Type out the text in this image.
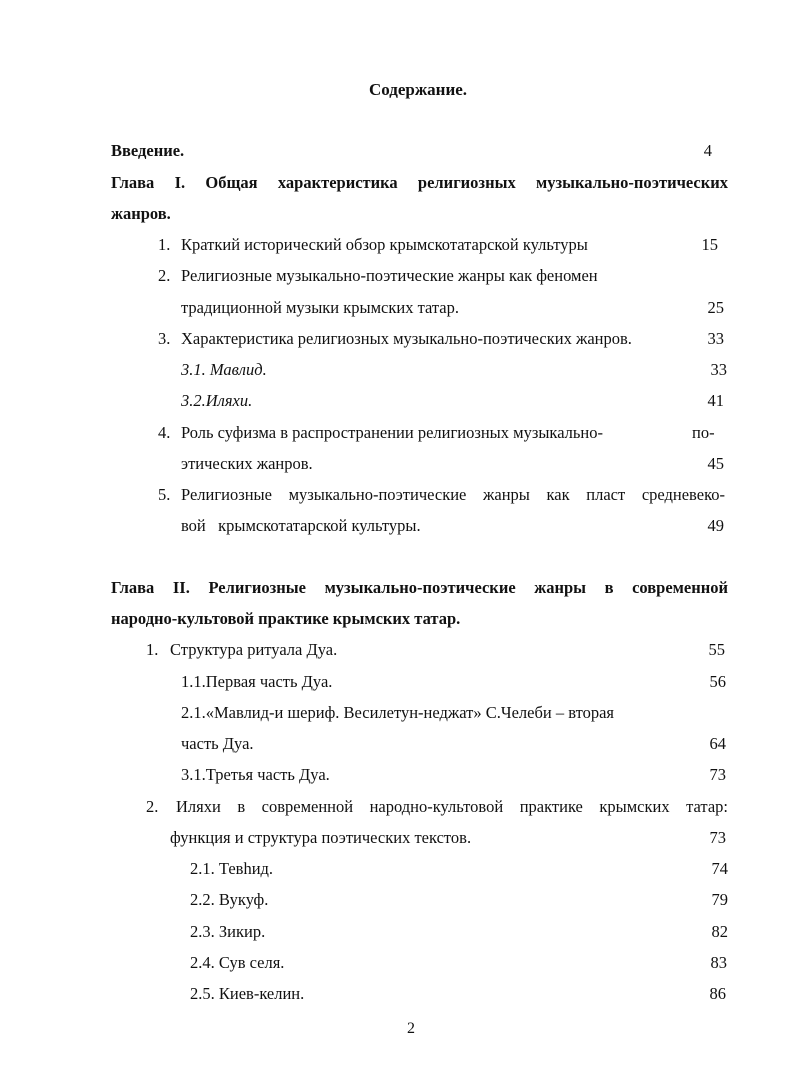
Содержание.
Введение.	4
Глава I. Общая характеристика религиозных музыкально-поэтических
жанров.
1. Краткий исторический обзор крымскотатарской культуры	15
2. Религиозные музыкально-поэтические жанры как феномен
традиционной музыки крымских татар.	25
3. Характеристика религиозных музыкально-поэтических жанров.	33
3.1. Мавлид.	33
3.2.Иляхи.	41
4. Роль суфизма в распространении религиозных музыкально-	по-
этических жанров.	45
5. Религиозные музыкально-поэтические жанры как пласт средневеко-
вой   крымскотатарской культуры.	49
Глава II. Религиозные музыкально-поэтические жанры в современной
народно-культовой практике крымских татар.
1. Структура ритуала Дуа.	55
1.1.Первая часть Дуа.	56
2.1.«Мавлид-и шериф. Весилетун-неджат» С.Челеби – вторая
часть Дуа.	64
3.1.Третья часть Дуа.	73
2. Иляхи в современной народно-культовой практике крымских татар:
функция и структура поэтических текстов.	73
2.1. Тевһид.	74
2.2. Вукуф.	79
2.3. Зикир.	82
2.4. Сув селя.	83
2.5. Киев-келин.	86
2
